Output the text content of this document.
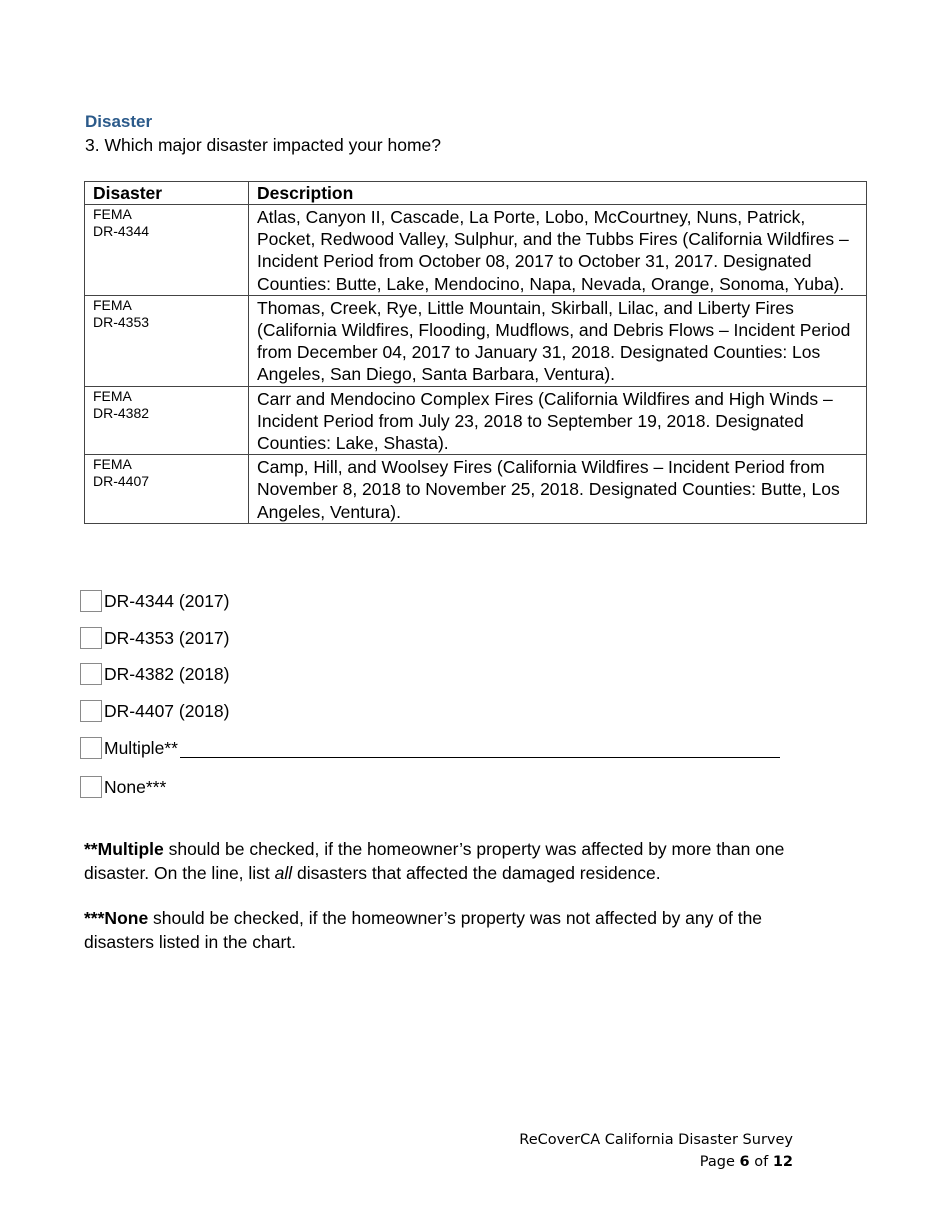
Disaster
3. Which major disaster impacted your home?
Disaster	Description

FEMA
DR-4344	Atlas, Canyon II, Cascade, La Porte, Lobo, McCourtney, Nuns, Patrick, Pocket, Redwood Valley, Sulphur, and the Tubbs Fires (California Wildfires – Incident Period from October 08, 2017 to October 31, 2017. Designated Counties: Butte, Lake, Mendocino, Napa, Nevada, Orange, Sonoma, Yuba).

FEMA
DR-4353	Thomas, Creek, Rye, Little Mountain, Skirball, Lilac, and Liberty Fires (California Wildfires, Flooding, Mudflows, and Debris Flows – Incident Period from December 04, 2017 to January 31, 2018. Designated Counties: Los Angeles, San Diego, Santa Barbara, Ventura).

FEMA
DR-4382	Carr and Mendocino Complex Fires (California Wildfires and High Winds – Incident Period from July 23, 2018 to September 19, 2018. Designated Counties: Lake, Shasta).

FEMA
DR-4407	Camp, Hill, and Woolsey Fires (California Wildfires – Incident Period from November 8, 2018 to November 25, 2018. Designated Counties: Butte, Los Angeles, Ventura).
DR-4344 (2017)
DR-4353 (2017)
DR-4382 (2018)
DR-4407 (2018)
Multiple**
None***
**Multiple should be checked, if the homeowner’s property was affected by more than one disaster. On the line, list all disasters that affected the damaged residence.
***None should be checked, if the homeowner’s property was not affected by any of the disasters listed in the chart.
ReCoverCA California Disaster Survey
Page 6 of 12
